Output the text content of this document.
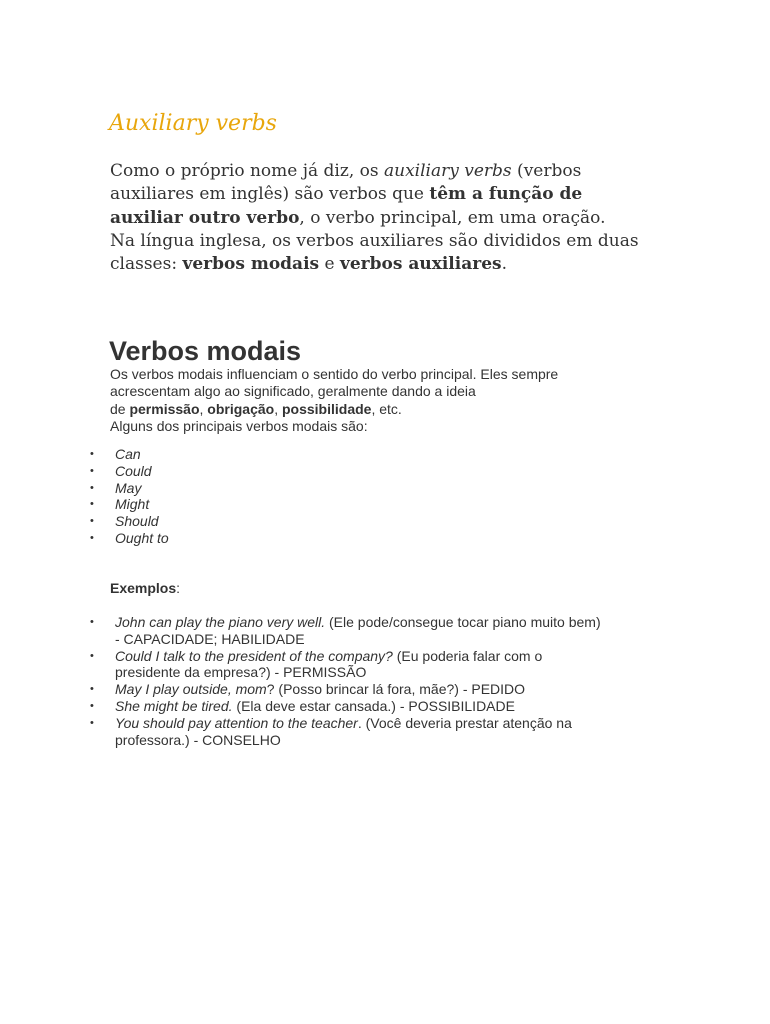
Auxiliary verbs

Como o próprio nome já diz, os auxiliary verbs (verbos
auxiliares em inglês) são verbos que têm a função de
auxiliar outro verbo, o verbo principal, em uma oração.
Na língua inglesa, os verbos auxiliares são divididos em duas
classes: verbos modais e verbos auxiliares.

Verbos modais

Os verbos modais influenciam o sentido do verbo principal. Eles sempre
acrescentam algo ao significado, geralmente dando a ideia
de permissão, obrigação, possibilidade, etc.
Alguns dos principais verbos modais são:

• Can
• Could
• May
• Might
• Should
• Ought to

Exemplos:

• John can play the piano very well. (Ele pode/consegue tocar piano muito bem)
- CAPACIDADE; HABILIDADE
• Could I talk to the president of the company? (Eu poderia falar com o
presidente da empresa?) - PERMISSÃO
• May I play outside, mom? (Posso brincar lá fora, mãe?) - PEDIDO
• She might be tired. (Ela deve estar cansada.) - POSSIBILIDADE
• You should pay attention to the teacher. (Você deveria prestar atenção na
professora.) - CONSELHO
